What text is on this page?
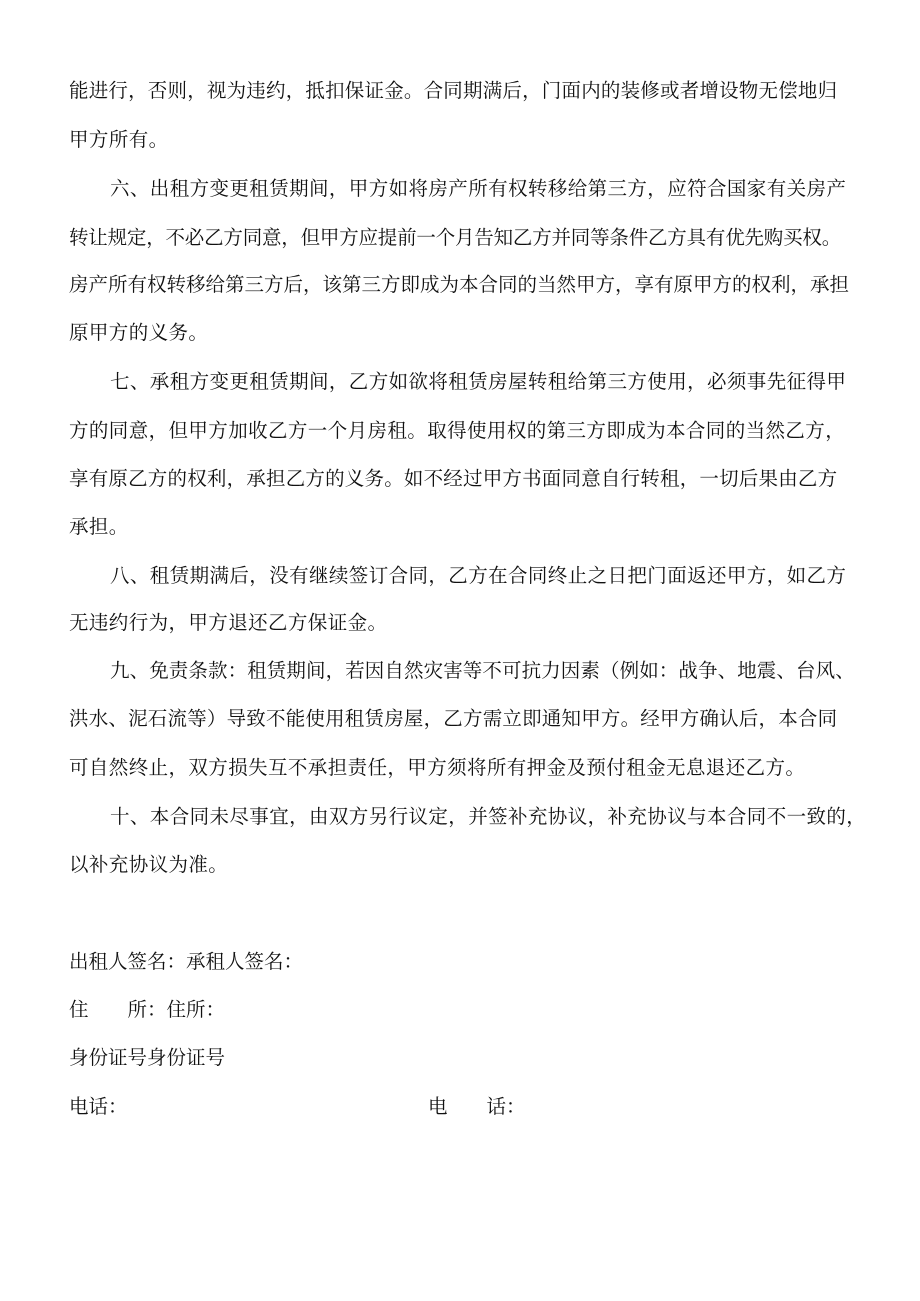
能进行，否则，视为违约，抵扣保证金。合同期满后，门面内的装修或者增设物无偿地归
甲方所有。
六、出租方变更租赁期间，甲方如将房产所有权转移给第三方，应符合国家有关房产
转让规定，不必乙方同意，但甲方应提前一个月告知乙方并同等条件乙方具有优先购买权。
房产所有权转移给第三方后，该第三方即成为本合同的当然甲方，享有原甲方的权利，承担
原甲方的义务。
七、承租方变更租赁期间，乙方如欲将租赁房屋转租给第三方使用，必须事先征得甲
方的同意，但甲方加收乙方一个月房租。取得使用权的第三方即成为本合同的当然乙方，
享有原乙方的权利，承担乙方的义务。如不经过甲方书面同意自行转租，一切后果由乙方
承担。
八、租赁期满后，没有继续签订合同，乙方在合同终止之日把门面返还甲方，如乙方
无违约行为，甲方退还乙方保证金。
九、免责条款：租赁期间，若因自然灾害等不可抗力因素（例如：战争、地震、台风、
洪水、泥石流等）导致不能使用租赁房屋，乙方需立即通知甲方。经甲方确认后，本合同
可自然终止，双方损失互不承担责任，甲方须将所有押金及预付租金无息退还乙方。
十、本合同未尽事宜，由双方另行议定，并签补充协议，补充协议与本合同不一致的，
以补充协议为准。
出租人签名：承租人签名：
住　　所：住所：
身份证号身份证号
电话：	电　　话：
